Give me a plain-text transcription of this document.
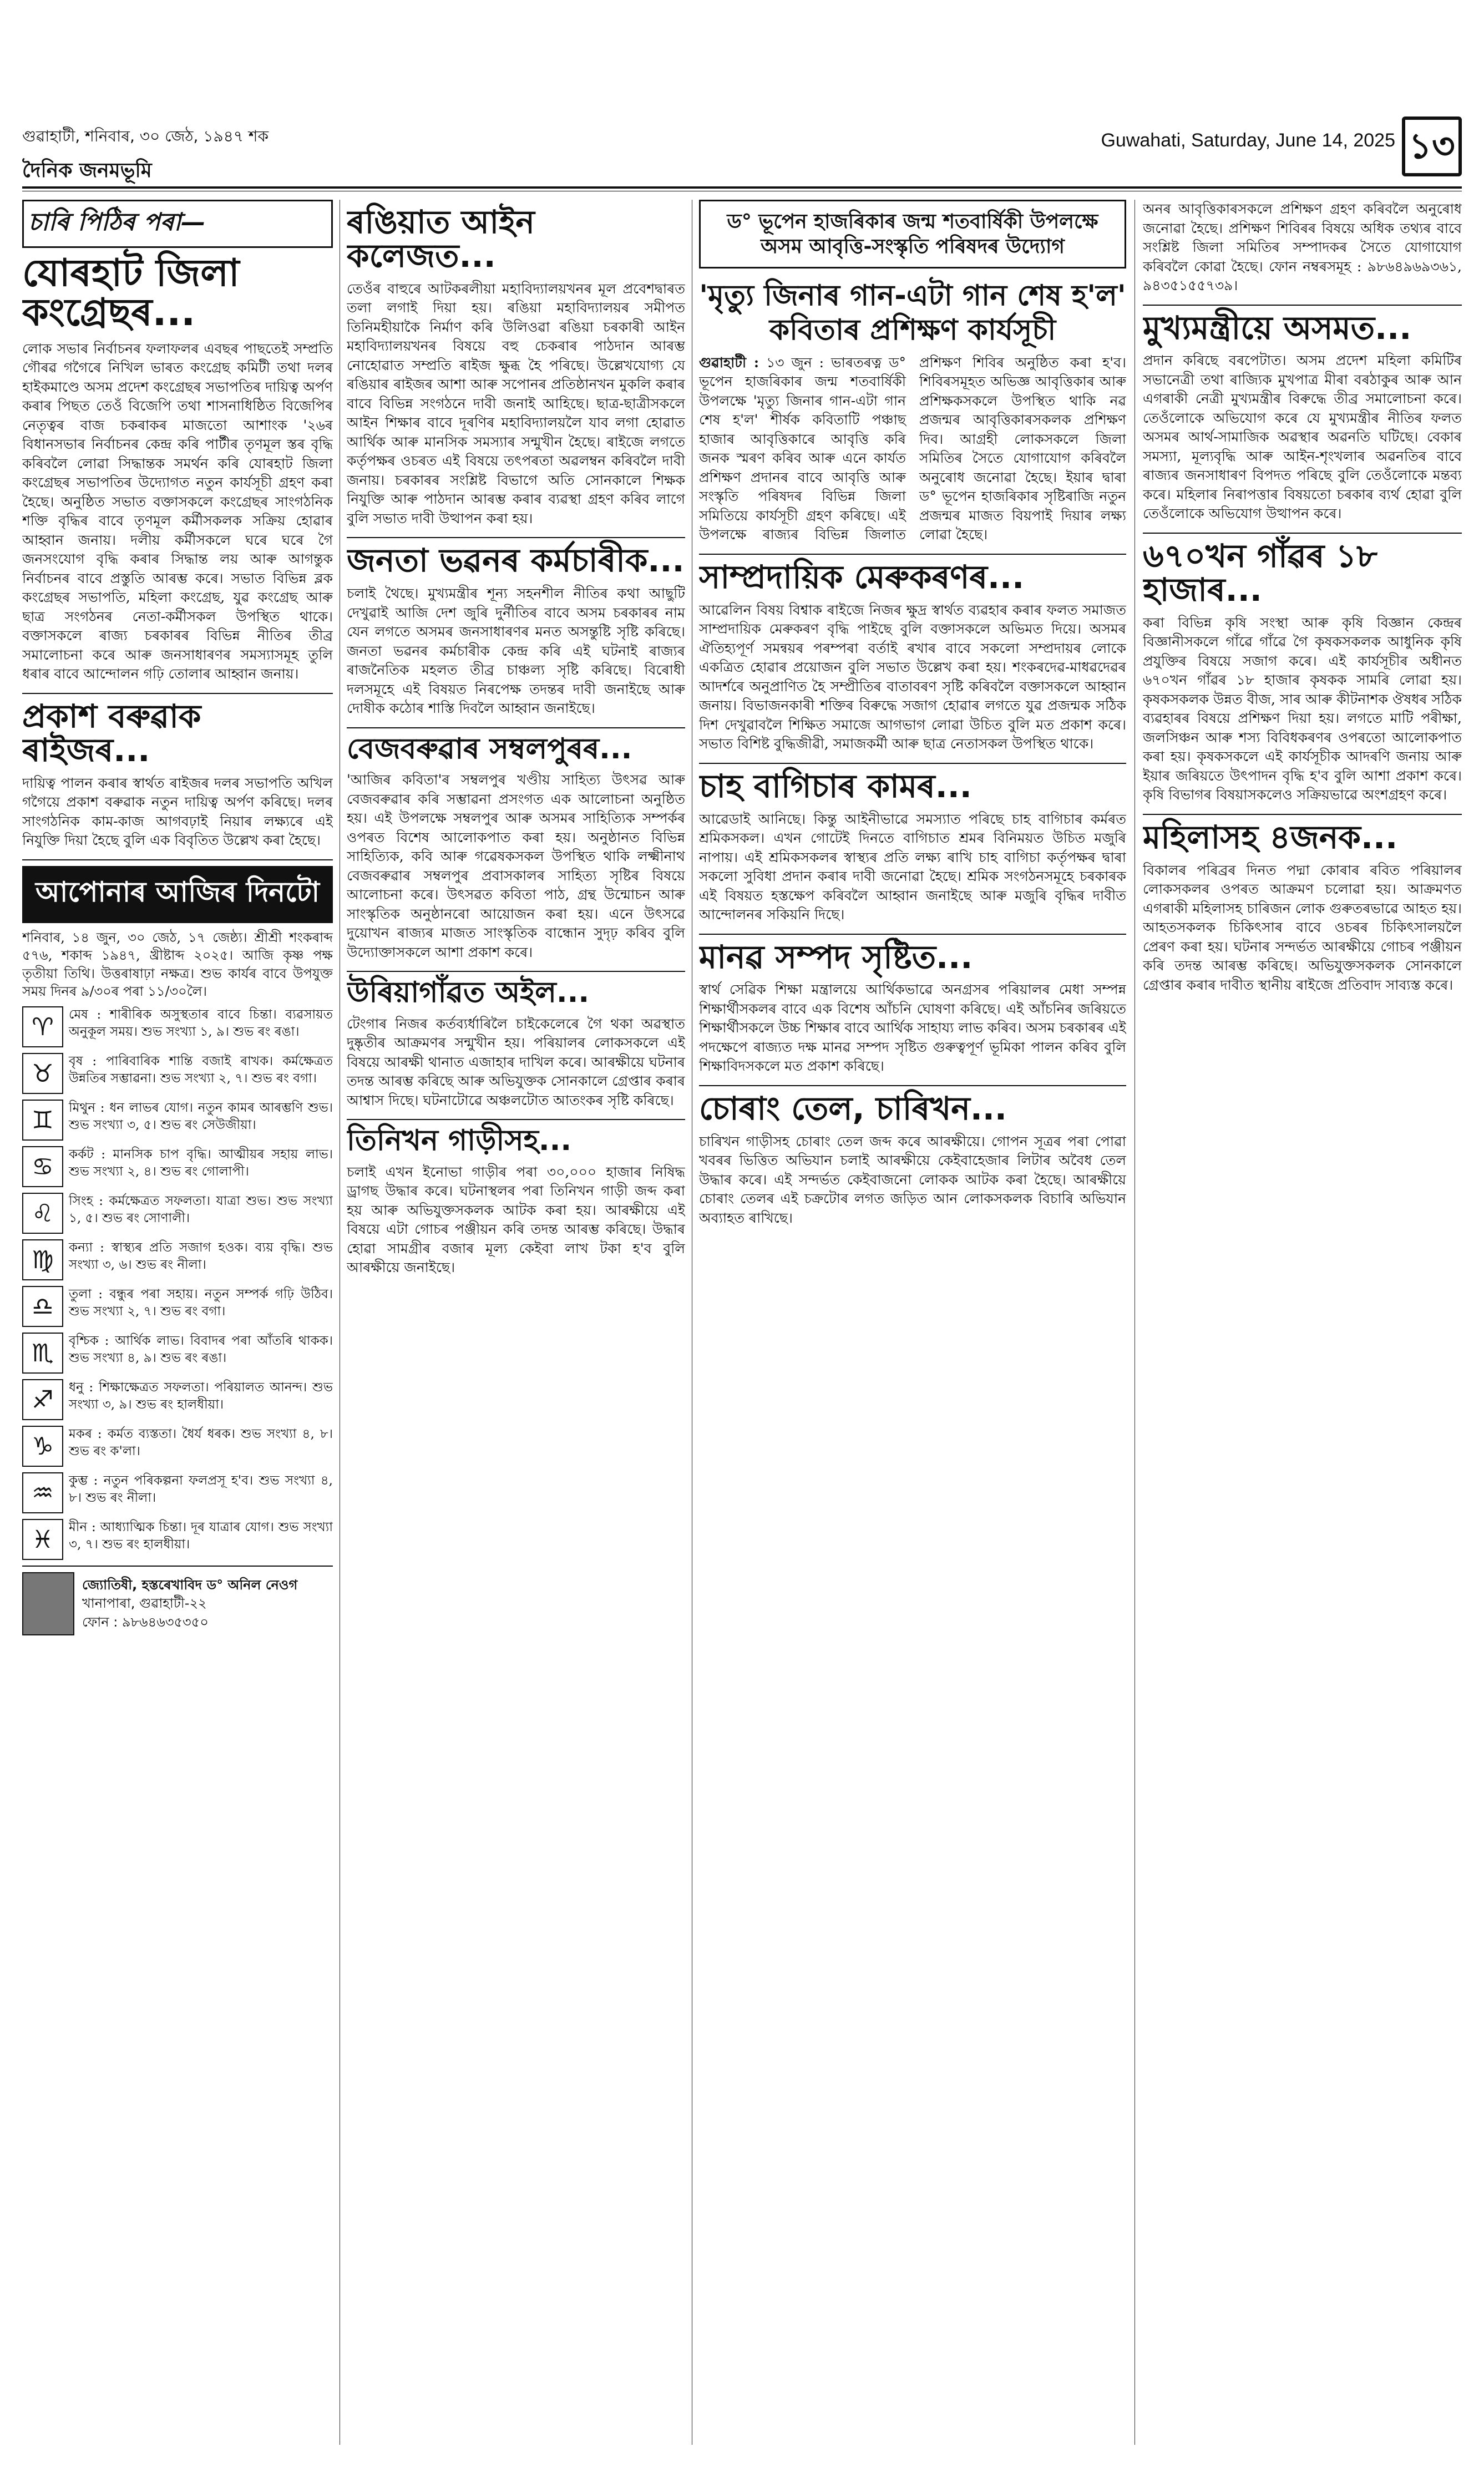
গুৱাহাটী, শনিবাৰ, ৩০ জেঠ, ১৯৪৭ শক
দৈনিক জনমভূমি
Guwahati, Saturday, June 14, 2025 ১৩
চাৰি পিঠিৰ পৰা—
যোৰহাট জিলা কংগ্ৰেছৰ...

লোক সভাৰ নিৰ্বাচনৰ ফলাফলৰ এবছৰ পাছতেই সম্প্ৰতি গৌৰৱ গগৈৰে নিখিল ভাৰত কংগ্ৰেছ কমিটী তথা দলৰ হাইকমাণ্ডে অসম প্ৰদেশ কংগ্ৰেছৰ সভাপতিৰ দায়িত্ব অৰ্পণ কৰাৰ পিছত তেওঁ বিজেপি তথা শাসনাধিষ্ঠিত বিজেপিৰ নেতৃত্বৰ বাজ চকৰাকৰ মাজতো আশাংক '২৬ৰ বিধানসভাৰ নিৰ্বাচনৰ কেন্দ্ৰ কৰি পাৰ্টীৰ তৃণমূল স্তৰ বৃদ্ধি কৰিবলৈ লোৱা সিদ্ধান্তক সমৰ্থন কৰি যোৰহাট জিলা কংগ্ৰেছৰ সভাপতিৰ উদ্যোগত নতুন কাৰ্যসূচী গ্ৰহণ কৰা হৈছে। অনুষ্ঠিত সভাত বক্তাসকলে কংগ্ৰেছৰ সাংগঠনিক শক্তি বৃদ্ধিৰ বাবে তৃণমূল কৰ্মীসকলক সক্ৰিয় হোৱাৰ আহ্বান জনায়। দলীয় কৰ্মীসকলে ঘৰে ঘৰে গৈ জনসংযোগ বৃদ্ধি কৰাৰ সিদ্ধান্ত লয় আৰু আগন্তুক নিৰ্বাচনৰ বাবে প্ৰস্তুতি আৰম্ভ কৰে। সভাত বিভিন্ন ব্লক কংগ্ৰেছৰ সভাপতি, মহিলা কংগ্ৰেছ, যুৱ কংগ্ৰেছ আৰু ছাত্ৰ সংগঠনৰ নেতা-কৰ্মীসকল উপস্থিত থাকে। বক্তাসকলে ৰাজ্য চৰকাৰৰ বিভিন্ন নীতিৰ তীব্ৰ সমালোচনা কৰে আৰু জনসাধাৰণৰ সমস্যাসমূহ তুলি ধৰাৰ বাবে আন্দোলন গঢ়ি তোলাৰ আহ্বান জনায়।

প্ৰকাশ বৰুৱাক ৰাইজৰ...

দায়িত্ব পালন কৰাৰ স্বাৰ্থত ৰাইজৰ দলৰ সভাপতি অখিল গগৈয়ে প্ৰকাশ বৰুৱাক নতুন দায়িত্ব অৰ্পণ কৰিছে। দলৰ সাংগঠনিক কাম-কাজ আগবঢ়াই নিয়াৰ লক্ষ্যৰে এই নিযুক্তি দিয়া হৈছে বুলি এক বিবৃতিত উল্লেখ কৰা হৈছে।

আপোনাৰ আজিৰ দিনটো

শনিবাৰ, ১৪ জুন, ৩০ জেঠ, ১৭ জেষ্ঠ্য। শ্ৰীশ্ৰী শংকৰাব্দ ৫৭৬, শকাব্দ ১৯৪৭, খ্ৰীষ্টাব্দ ২০২৫। আজি কৃষ্ণ পক্ষ তৃতীয়া তিথি। উত্তৰাষাঢ়া নক্ষত্ৰ। শুভ কাৰ্যৰ বাবে উপযুক্ত সময় দিনৰ ৯/৩০ৰ পৰা ১১/৩০লৈ।

♈	মেষ : শাৰীৰিক অসুস্থতাৰ বাবে চিন্তা। ব্যৱসায়ত অনুকূল সময়। শুভ সংখ্যা ১, ৯। শুভ ৰং ৰঙা।
♉	বৃষ : পাৰিবাৰিক শান্তি বজাই ৰাখক। কৰ্মক্ষেত্ৰত উন্নতিৰ সম্ভাৱনা। শুভ সংখ্যা ২, ৭। শুভ ৰং বগা।
♊	মিথুন : ধন লাভৰ যোগ। নতুন কামৰ আৰম্ভণি শুভ। শুভ সংখ্যা ৩, ৫। শুভ ৰং সেউজীয়া।
♋	কৰ্কট : মানসিক চাপ বৃদ্ধি। আত্মীয়ৰ সহায় লাভ। শুভ সংখ্যা ২, ৪। শুভ ৰং গোলাপী।
♌	সিংহ : কৰ্মক্ষেত্ৰত সফলতা। যাত্ৰা শুভ। শুভ সংখ্যা ১, ৫। শুভ ৰং সোণালী।
♍	কন্যা : স্বাস্থ্যৰ প্ৰতি সজাগ হওক। ব্যয় বৃদ্ধি। শুভ সংখ্যা ৩, ৬। শুভ ৰং নীলা।
♎	তুলা : বন্ধুৰ পৰা সহায়। নতুন সম্পৰ্ক গঢ়ি উঠিব। শুভ সংখ্যা ২, ৭। শুভ ৰং বগা।
♏	বৃশ্চিক : আৰ্থিক লাভ। বিবাদৰ পৰা আঁতৰি থাকক। শুভ সংখ্যা ৪, ৯। শুভ ৰং ৰঙা।
♐	ধনু : শিক্ষাক্ষেত্ৰত সফলতা। পৰিয়ালত আনন্দ। শুভ সংখ্যা ৩, ৯। শুভ ৰং হালধীয়া।
♑	মকৰ : কৰ্মত ব্যস্ততা। ধৈৰ্য ধৰক। শুভ সংখ্যা ৪, ৮। শুভ ৰং ক'লা।
♒	কুম্ভ : নতুন পৰিকল্পনা ফলপ্ৰসূ হ'ব। শুভ সংখ্যা ৪, ৮। শুভ ৰং নীলা।
♓	মীন : আধ্যাত্মিক চিন্তা। দূৰ যাত্ৰাৰ যোগ। শুভ সংখ্যা ৩, ৭। শুভ ৰং হালধীয়া।
জ্যোতিষী, হস্তৰেখাবিদ ড° অনিল নেওগ
খানাপাৰা, গুৱাহাটী-২২
ফোন : ৯৮৬৪৬৩৫৩৫০
ৰঙিয়াত আইন কলেজত...

তেওঁৰ বাহুৰে আটকৰলীয়া মহাবিদ্যালয়খনৰ মূল প্ৰবেশদ্বাৰত তলা লগাই দিয়া হয়। ৰঙিয়া মহাবিদ্যালয়ৰ সমীপত তিনিমহীয়াকৈ নিৰ্মাণ কৰি উলিওৱা ৰঙিয়া চৰকাৰী আইন মহাবিদ্যালয়খনৰ বিষয়ে বহু চেকৰাৰ পাঠদান আৰম্ভ নোহোৱাত সম্প্ৰতি ৰাইজ ক্ষুব্ধ হৈ পৰিছে। উল্লেখযোগ্য যে ৰঙিয়াৰ ৰাইজৰ আশা আৰু সপোনৰ প্ৰতিষ্ঠানখন মুকলি কৰাৰ বাবে বিভিন্ন সংগঠনে দাবী জনাই আহিছে। ছাত্ৰ-ছাত্ৰীসকলে আইন শিক্ষাৰ বাবে দূৰণিৰ মহাবিদ্যালয়লৈ যাব লগা হোৱাত আৰ্থিক আৰু মানসিক সমস্যাৰ সন্মুখীন হৈছে। ৰাইজে লগতে কৰ্তৃপক্ষৰ ওচৰত এই বিষয়ে তৎপৰতা অৱলম্বন কৰিবলৈ দাবী জনায়। চৰকাৰৰ সংশ্লিষ্ট বিভাগে অতি সোনকালে শিক্ষক নিযুক্তি আৰু পাঠদান আৰম্ভ কৰাৰ ব্যৱস্থা গ্ৰহণ কৰিব লাগে বুলি সভাত দাবী উত্থাপন কৰা হয়।

জনতা ভৱনৰ কৰ্মচাৰীক...

চলাই থৈছে। মুখ্যমন্ত্ৰীৰ শূন্য সহনশীল নীতিৰ কথা আছুটি দেখুৱাই আজি দেশ জুৰি দুৰ্নীতিৰ বাবে অসম চৰকাৰৰ নাম যেন লগতে অসমৰ জনসাধাৰণৰ মনত অসন্তুষ্টি সৃষ্টি কৰিছে। জনতা ভৱনৰ কৰ্মচাৰীক কেন্দ্ৰ কৰি এই ঘটনাই ৰাজ্যৰ ৰাজনৈতিক মহলত তীব্ৰ চাঞ্চল্য সৃষ্টি কৰিছে। বিৰোধী দলসমূহে এই বিষয়ত নিৰপেক্ষ তদন্তৰ দাবী জনাইছে আৰু দোষীক কঠোৰ শাস্তি দিবলৈ আহ্বান জনাইছে।

বেজবৰুৱাৰ সম্বলপুৰৰ...

'আজিৰ কবিতা'ৰ সম্বলপুৰ খণ্ডীয় সাহিত্য উৎসৱ আৰু বেজবৰুৱাৰ কৰি সম্ভাৱনা প্ৰসংগত এক আলোচনা অনুষ্ঠিত হয়। এই উপলক্ষে সম্বলপুৰ আৰু অসমৰ সাহিত্যিক সম্পৰ্কৰ ওপৰত বিশেষ আলোকপাত কৰা হয়। অনুষ্ঠানত বিভিন্ন সাহিত্যিক, কবি আৰু গৱেষকসকল উপস্থিত থাকি লক্ষ্মীনাথ বেজবৰুৱাৰ সম্বলপুৰ প্ৰবাসকালৰ সাহিত্য সৃষ্টিৰ বিষয়ে আলোচনা কৰে। উৎসৱত কবিতা পাঠ, গ্ৰন্থ উন্মোচন আৰু সাংস্কৃতিক অনুষ্ঠানৰো আয়োজন কৰা হয়। এনে উৎসৱে দুয়োখন ৰাজ্যৰ মাজত সাংস্কৃতিক বান্ধোন সুদৃঢ় কৰিব বুলি উদ্যোক্তাসকলে আশা প্ৰকাশ কৰে।

উৰিয়াগাঁৱত অইল...

টেংগাৰ নিজৰ কৰ্তব্যৰ্ধাৰিলৈ চাইকেলেৰে গৈ থকা অৱস্থাত দুষ্কৃতীৰ আক্ৰমণৰ সন্মুখীন হয়। পৰিয়ালৰ লোকসকলে এই বিষয়ে আৰক্ষী থানাত এজাহাৰ দাখিল কৰে। আৰক্ষীয়ে ঘটনাৰ তদন্ত আৰম্ভ কৰিছে আৰু অভিযুক্তক সোনকালে গ্ৰেপ্তাৰ কৰাৰ আশ্বাস দিছে। ঘটনাটোৱে অঞ্চলটোত আতংকৰ সৃষ্টি কৰিছে।

তিনিখন গাড়ীসহ...

চলাই এখন ইনোভা গাড়ীৰ পৰা ৩০,০০০ হাজাৰ নিষিদ্ধ ড্ৰাগছ উদ্ধাৰ কৰে। ঘটনাস্থলৰ পৰা তিনিখন গাড়ী জব্দ কৰা হয় আৰু অভিযুক্তসকলক আটক কৰা হয়। আৰক্ষীয়ে এই বিষয়ে এটা গোচৰ পঞ্জীয়ন কৰি তদন্ত আৰম্ভ কৰিছে। উদ্ধাৰ হোৱা সামগ্ৰীৰ বজাৰ মূল্য কেইবা লাখ টকা হ'ব বুলি আৰক্ষীয়ে জনাইছে।

ড° ভূপেন হাজৰিকাৰ জন্ম শতবাৰ্ষিকী উপলক্ষে অসম আবৃত্তি-সংস্কৃতি পৰিষদৰ উদ্যোগ
'মৃত্যু জিনাৰ গান-এটা গান শেষ হ'ল' কবিতাৰ প্ৰশিক্ষণ কাৰ্যসূচী

গুৱাহাটী : ১৩ জুন : ভাৰতৰত্ন ড° ভূপেন হাজৰিকাৰ জন্ম শতবাৰ্ষিকী উপলক্ষে 'মৃত্যু জিনাৰ গান-এটা গান শেষ হ'ল' শীৰ্ষক কবিতাটি পঞ্চাছ হাজাৰ আবৃত্তিকাৰে আবৃত্তি কৰি জনক স্মৰণ কৰিব আৰু এনে কাৰ্যত প্ৰশিক্ষণ প্ৰদানৰ বাবে আবৃত্তি আৰু সংস্কৃতি পৰিষদৰ বিভিন্ন জিলা সমিতিয়ে কাৰ্যসূচী গ্ৰহণ কৰিছে। এই উপলক্ষে ৰাজ্যৰ বিভিন্ন জিলাত প্ৰশিক্ষণ শিবিৰ অনুষ্ঠিত কৰা হ'ব। শিবিৰসমূহত অভিজ্ঞ আবৃত্তিকাৰ আৰু প্ৰশিক্ষকসকলে উপস্থিত থাকি নৱ প্ৰজন্মৰ আবৃত্তিকাৰসকলক প্ৰশিক্ষণ দিব। আগ্ৰহী লোকসকলে জিলা সমিতিৰ সৈতে যোগাযোগ কৰিবলৈ অনুৰোধ জনোৱা হৈছে। ইয়াৰ দ্বাৰা ড° ভূপেন হাজৰিকাৰ সৃষ্টিৰাজি নতুন প্ৰজন্মৰ মাজত বিয়পাই দিয়াৰ লক্ষ্য লোৱা হৈছে।

সাম্প্ৰদায়িক মেৰুকৰণৰ...

আৱেলিন বিষয় বিশ্বাক ৰাইজে নিজৰ ক্ষুদ্ৰ স্বাৰ্থত ব্যৱহাৰ কৰাৰ ফলত সমাজত সাম্প্ৰদায়িক মেৰুকৰণ বৃদ্ধি পাইছে বুলি বক্তাসকলে অভিমত দিয়ে। অসমৰ ঐতিহ্যপূৰ্ণ সমন্বয়ৰ পৰম্পৰা বৰ্তাই ৰখাৰ বাবে সকলো সম্প্ৰদায়ৰ লোকে একত্ৰিত হোৱাৰ প্ৰয়োজন বুলি সভাত উল্লেখ কৰা হয়। শংকৰদেৱ-মাধৱদেৱৰ আদৰ্শৰে অনুপ্ৰাণিত হৈ সম্প্ৰীতিৰ বাতাবৰণ সৃষ্টি কৰিবলৈ বক্তাসকলে আহ্বান জনায়। বিভাজনকাৰী শক্তিৰ বিৰুদ্ধে সজাগ হোৱাৰ লগতে যুৱ প্ৰজন্মক সঠিক দিশ দেখুৱাবলৈ শিক্ষিত সমাজে আগভাগ লোৱা উচিত বুলি মত প্ৰকাশ কৰে। সভাত বিশিষ্ট বুদ্ধিজীৱী, সমাজকৰ্মী আৰু ছাত্ৰ নেতাসকল উপস্থিত থাকে।

চাহ বাগিচাৰ কামৰ...

আৱেডাই আনিছে। কিন্তু আইনীভাৱে সমস্যাত পৰিছে চাহ বাগিচাৰ কৰ্মৰত শ্ৰমিকসকল। এখন গোটেই দিনতে বাগিচাত শ্ৰমৰ বিনিময়ত উচিত মজুৰি নাপায়। এই শ্ৰমিকসকলৰ স্বাস্থ্যৰ প্ৰতি লক্ষ্য ৰাখি চাহ বাগিচা কৰ্তৃপক্ষৰ দ্বাৰা সকলো সুবিধা প্ৰদান কৰাৰ দাবী জনোৱা হৈছে। শ্ৰমিক সংগঠনসমূহে চৰকাৰক এই বিষয়ত হস্তক্ষেপ কৰিবলৈ আহ্বান জনাইছে আৰু মজুৰি বৃদ্ধিৰ দাবীত আন্দোলনৰ সকিয়নি দিছে।

মানৱ সম্পদ সৃষ্টিত...

স্বাৰ্থ সেৱিক শিক্ষা মন্ত্ৰালয়ে আৰ্থিকভাৱে অনগ্ৰসৰ পৰিয়ালৰ মেধা সম্পন্ন শিক্ষাৰ্থীসকলৰ বাবে এক বিশেষ আঁচনি ঘোষণা কৰিছে। এই আঁচনিৰ জৰিয়তে শিক্ষাৰ্থীসকলে উচ্চ শিক্ষাৰ বাবে আৰ্থিক সাহায্য লাভ কৰিব। অসম চৰকাৰৰ এই পদক্ষেপে ৰাজ্যত দক্ষ মানৱ সম্পদ সৃষ্টিত গুৰুত্বপূৰ্ণ ভূমিকা পালন কৰিব বুলি শিক্ষাবিদসকলে মত প্ৰকাশ কৰিছে।

চোৰাং তেল, চাৰিখন...

চাৰিখন গাড়ীসহ চোৰাং তেল জব্দ কৰে আৰক্ষীয়ে। গোপন সূত্ৰৰ পৰা পোৱা খবৰৰ ভিত্তিত অভিযান চলাই আৰক্ষীয়ে কেইবাহেজাৰ লিটাৰ অবৈধ তেল উদ্ধাৰ কৰে। এই সন্দৰ্ভত কেইবাজনো লোকক আটক কৰা হৈছে। আৰক্ষীয়ে চোৰাং তেলৰ এই চক্ৰটোৰ লগত জড়িত আন লোকসকলক বিচাৰি অভিযান অব্যাহত ৰাখিছে।

অনৰ আবৃত্তিকাৰসকলে প্ৰশিক্ষণ গ্ৰহণ কৰিবলৈ অনুৰোধ জনোৱা হৈছে। প্ৰশিক্ষণ শিবিৰৰ বিষয়ে অধিক তথ্যৰ বাবে সংশ্লিষ্ট জিলা সমিতিৰ সম্পাদকৰ সৈতে যোগাযোগ কৰিবলৈ কোৱা হৈছে। ফোন নম্বৰসমূহ : ৯৮৬৪৯৬৯৩৬১, ৯৪৩৫১৫৫৭৩৯।

মুখ্যমন্ত্ৰীয়ে অসমত...

প্ৰদান কৰিছে বৰপেটাত। অসম প্ৰদেশ মহিলা কমিটিৰ সভানেত্ৰী তথা ৰাজ্যিক মুখপাত্ৰ মীৰা বৰঠাকুৰ আৰু আন এগৰাকী নেত্ৰী মুখ্যমন্ত্ৰীৰ বিৰুদ্ধে তীব্ৰ সমালোচনা কৰে। তেওঁলোকে অভিযোগ কৰে যে মুখ্যমন্ত্ৰীৰ নীতিৰ ফলত অসমৰ আৰ্থ-সামাজিক অৱস্থাৰ অৱনতি ঘটিছে। বেকাৰ সমস্যা, মূল্যবৃদ্ধি আৰু আইন-শৃংখলাৰ অৱনতিৰ বাবে ৰাজ্যৰ জনসাধাৰণ বিপদত পৰিছে বুলি তেওঁলোকে মন্তব্য কৰে। মহিলাৰ নিৰাপত্তাৰ বিষয়তো চৰকাৰ ব্যৰ্থ হোৱা বুলি তেওঁলোকে অভিযোগ উত্থাপন কৰে।

৬৭০খন গাঁৱৰ ১৮ হাজাৰ...

কৰা বিভিন্ন কৃষি সংস্থা আৰু কৃষি বিজ্ঞান কেন্দ্ৰৰ বিজ্ঞানীসকলে গাঁৱে গাঁৱে গৈ কৃষকসকলক আধুনিক কৃষি প্ৰযুক্তিৰ বিষয়ে সজাগ কৰে। এই কাৰ্যসূচীৰ অধীনত ৬৭০খন গাঁৱৰ ১৮ হাজাৰ কৃষকক সামৰি লোৱা হয়। কৃষকসকলক উন্নত বীজ, সাৰ আৰু কীটনাশক ঔষধৰ সঠিক ব্যৱহাৰৰ বিষয়ে প্ৰশিক্ষণ দিয়া হয়। লগতে মাটি পৰীক্ষা, জলসিঞ্চন আৰু শস্য বিবিধকৰণৰ ওপৰতো আলোকপাত কৰা হয়। কৃষকসকলে এই কাৰ্যসূচীক আদৰণি জনায় আৰু ইয়াৰ জৰিয়তে উৎপাদন বৃদ্ধি হ'ব বুলি আশা প্ৰকাশ কৰে। কৃষি বিভাগৰ বিষয়াসকলেও সক্ৰিয়ভাৱে অংশগ্ৰহণ কৰে।

মহিলাসহ ৪জনক...

বিকালৰ পৰিব্ৰৰ দিনত পদ্মা কোৰাৰ ৰবিত পৰিয়ালৰ লোকসকলৰ ওপৰত আক্ৰমণ চলোৱা হয়। আক্ৰমণত এগৰাকী মহিলাসহ চাৰিজন লোক গুৰুতৰভাৱে আহত হয়। আহতসকলক চিকিৎসাৰ বাবে ওচৰৰ চিকিৎসালয়লৈ প্ৰেৰণ কৰা হয়। ঘটনাৰ সন্দৰ্ভত আৰক্ষীয়ে গোচৰ পঞ্জীয়ন কৰি তদন্ত আৰম্ভ কৰিছে। অভিযুক্তসকলক সোনকালে গ্ৰেপ্তাৰ কৰাৰ দাবীত স্থানীয় ৰাইজে প্ৰতিবাদ সাব্যস্ত কৰে।
